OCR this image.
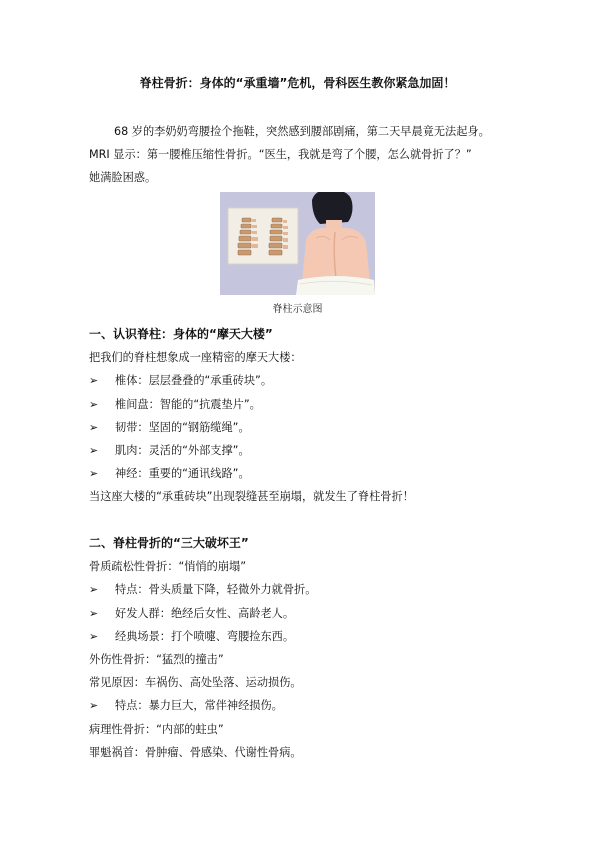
脊柱骨折：身体的“承重墙”危机，骨科医生教你紧急加固！
68 岁的李奶奶弯腰捡个拖鞋，突然感到腰部剧痛，第二天早晨竟无法起身。
MRI 显示：第一腰椎压缩性骨折。“医生，我就是弯了个腰，怎么就骨折了？”
她满脸困惑。
脊柱示意图
一、认识脊柱：身体的“摩天大楼”
把我们的脊柱想象成一座精密的摩天大楼：
➢	椎体：层层叠叠的“承重砖块”。
➢	椎间盘：智能的“抗震垫片”。
➢	韧带：坚固的“钢筋缆绳”。
➢	肌肉：灵活的“外部支撑”。
➢	神经：重要的“通讯线路”。
当这座大楼的“承重砖块”出现裂缝甚至崩塌，就发生了脊柱骨折！
二、脊柱骨折的“三大破坏王”
骨质疏松性骨折：“悄悄的崩塌”
➢	特点：骨头质量下降，轻微外力就骨折。
➢	好发人群：绝经后女性、高龄老人。
➢	经典场景：打个喷嚏、弯腰捡东西。
外伤性骨折：“猛烈的撞击”
常见原因：车祸伤、高处坠落、运动损伤。
➢	特点：暴力巨大，常伴神经损伤。
病理性骨折：“内部的蛀虫”
罪魁祸首：骨肿瘤、骨感染、代谢性骨病。
